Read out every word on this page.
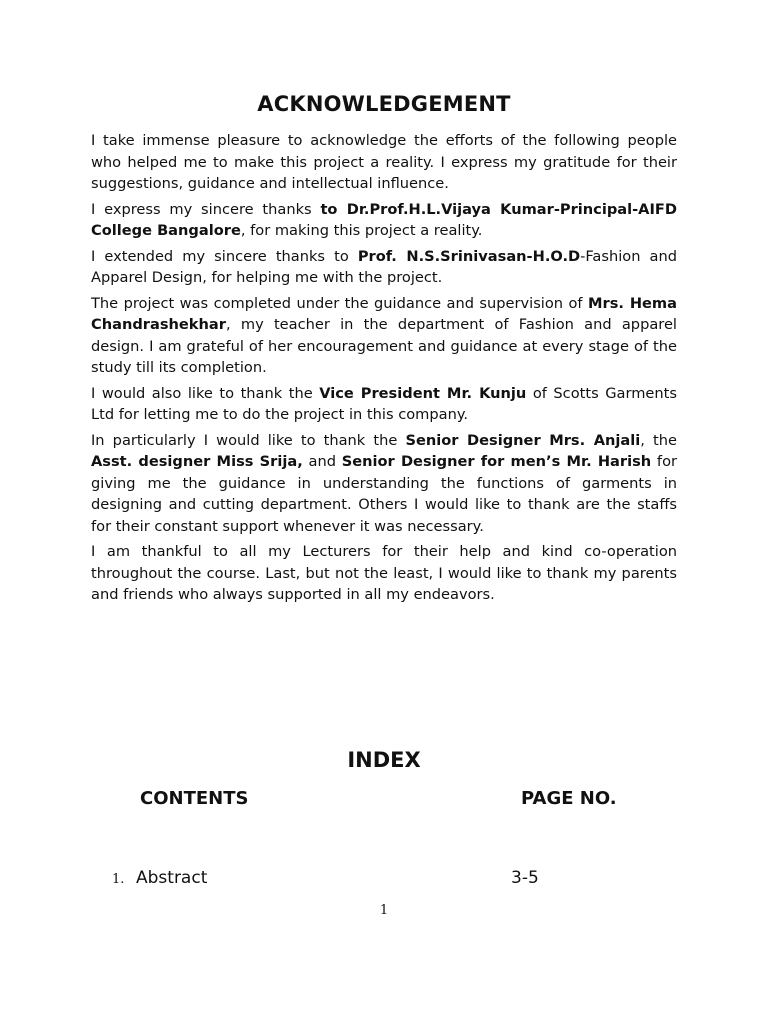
ACKNOWLEDGEMENT

I take immense pleasure to acknowledge the efforts of the following people who helped me to make this project a reality. I express my gratitude for their suggestions, guidance and intellectual influence.

I express my sincere thanks to Dr.Prof.H.L.Vijaya Kumar-Principal-AIFD College Bangalore, for making this project a reality.

I extended my sincere thanks to Prof. N.S.Srinivasan-H.O.D-Fashion and Apparel Design, for helping me with the project.

The project was completed under the guidance and supervision of Mrs. Hema Chandrashekhar, my teacher in the department of Fashion and apparel design. I am grateful of her encouragement and guidance at every stage of the study till its completion.

I would also like to thank the Vice President Mr. Kunju of Scotts Garments Ltd for letting me to do the project in this company.

In particularly I would like to thank the Senior Designer Mrs. Anjali, the Asst. designer Miss Srija, and Senior Designer for men’s Mr. Harish for giving me the guidance in understanding the functions of garments in designing and cutting department. Others I would like to thank are the staffs for their constant support whenever it was necessary.

I am thankful to all my Lecturers for their help and kind co-operation throughout the course. Last, but not the least, I would like to thank my parents and friends who always supported in all my endeavors.

INDEX
CONTENTS	PAGE NO.
1. Abstract	3-5
1
